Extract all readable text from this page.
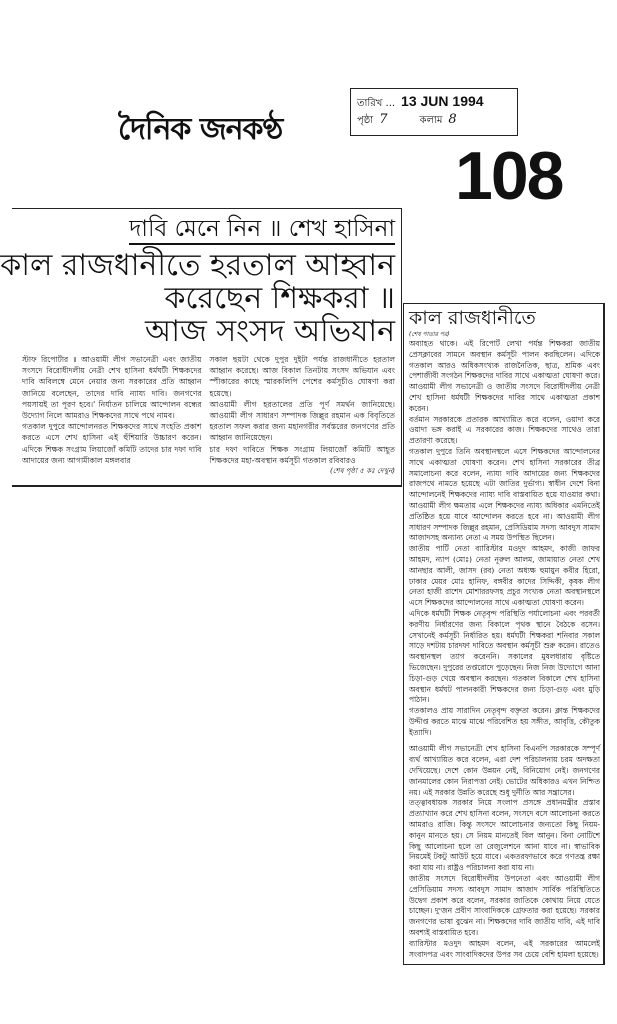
দৈনিক জনকণ্ঠ
তারিখ ... 13 JUN 1994
পৃষ্ঠা 7	কলাম 8
108
দাবি মেনে নিন ॥ শেখ হাসিনা
কাল রাজধানীতে হরতাল আহ্বান
করেছেন শিক্ষকরা ॥
আজ সংসদ অভিযান

স্টাফ রিপোর্টার ॥ আওয়ামী লীগ সভানেত্রী এবং জাতীয় সংসদে বিরোধীদলীয় নেত্রী শেখ হাসিনা ধর্মঘটী শিক্ষকদের দাবি অবিলম্বে মেনে নেয়ার জন্য সরকারের প্রতি আহ্বান জানিয়ে বলেছেন, তাদের দাবি ন্যায্য দাবি। জনগণের পয়সায়ই তা পূরণ হবে।' নির্যাতন চালিয়ে আন্দোলন বন্ধের উদ্যোগ নিলে আমরাও শিক্ষকদের সাথে পথে নামব।

গতকাল দুপুরে আন্দোলনরত শিক্ষকদের সাথে সংহতি প্রকাশ করতে এসে শেখ হাসিনা এই হুঁশিয়ারি উচ্চারণ করেন। এদিকে শিক্ষক সংগ্রাম লিয়াজোঁ কমিটি তাদের চার দফা দাবি আদায়ের জন্য আগামীকাল মঙ্গলবার

সকাল ছয়টা থেকে দুপুর দুইটা পর্যন্ত রাজধানীতে হরতাল আহ্বান করেছে। আজ বিকাল তিনটায় সংসদ অভিযান এবং স্পীকারের কাছে স্মারকলিপি পেশের কর্মসূচীও ঘোষণা করা হয়েছে।

আওয়ামী লীগ হরতালের প্রতি পূর্ণ সমর্থন জানিয়েছে। আওয়ামী লীগ সাধারণ সম্পাদক জিল্লুর রহমান এক বিবৃতিতে হরতাল সফল করার জন্য মহানগরীর সর্বস্তরের জনগণের প্রতি আহ্বান জানিয়েছেন।

চার দফা দাবিতে শিক্ষক সংগ্রাম লিয়াজোঁ কমিটি আহূত শিক্ষকদের মহা-অবস্থান কর্মসূচী গতকাল রবিবারও

(শেষ পৃষ্ঠা ৫ কঃ দেখুন)

কাল রাজধানীতে
(শেষ পাতার পর)

অব্যাহত থাকে। এই রিপোর্ট লেখা পর্যন্ত শিক্ষকরা জাতীয় প্রেসক্লাবের সামনে অবস্থান কর্মসূচী পালন করছিলেন। এদিকে গতকাল আরও অধিকসংখ্যক রাজনৈতিক, ছাত্র, শ্রমিক এবং পেশাজীবী সংগঠন শিক্ষকদের দাবির সাথে একাত্মতা ঘোষণা করে। আওয়ামী লীগ সভানেত্রী ও জাতীয় সংসদে বিরোধীদলীয় নেত্রী শেখ হাসিনা ধর্মঘটী শিক্ষকদের দাবির সাথে একাত্মতা প্রকাশ করেন।

বর্তমান সরকারকে প্রতারক আখ্যায়িত করে বলেন, ওয়াদা করে ওয়াদা ভঙ্গ করাই এ সরকারের কাজ। শিক্ষকদের সাথেও তারা প্রতারণা করেছে।

গতকাল দুপুরে তিনি অবস্থানস্থলে এসে শিক্ষকদের আন্দোলনের সাথে একাত্মতা ঘোষণা করেন। শেখ হাসিনা সরকারের তীব্র সমালোচনা করে বলেন, ন্যায্য দাবি আদায়ের জন্য শিক্ষকদের রাজপথে নামতে হয়েছে এটা জাতির দুর্ভাগ্য। স্বাধীন দেশে বিনা আন্দোলনেই শিক্ষকদের ন্যায্য দাবি বাস্তবায়িত হয়ে যাওয়ার কথা। আওয়ামী লীগ ক্ষমতায় এলে শিক্ষকদের ন্যায্য অধিকার এমনিতেই প্রতিষ্ঠিত হয়ে যাবে আন্দোলন করতে হবে না। আওয়ামী লীগ সাধারণ সম্পাদক জিল্লুর রহমান, প্রেসিডিয়াম সদস্য আবদুস সামাদ আজাদসহ অন্যান্য নেতা এ সময় উপস্থিত ছিলেন।

জাতীয় পার্টি নেতা ব্যারিস্টার মওদুদ আহমদ, কাজী জাফর আহমদ, ন্যাপ (মোঃ) নেতা নূরুল আলম, জামায়াত নেতা শেখ আনছার আলী, জাসদ (রব) নেতা অধ্যক্ষ হুমায়ুন কবীর হিরো, ঢাকার মেয়র মোঃ হানিফ, বঙ্গবীর কাদের সিদ্দিকী, কৃষক লীগ নেতা হাজী রাশেদ মোশাররফসহ প্রচুর সংখ্যক নেতা অবস্থানস্থলে এসে শিক্ষকদের আন্দোলনের সাথে একাত্মতা ঘোষণা করেন।

এদিকে ধর্মঘটী শিক্ষক নেতৃবৃন্দ পরিস্থিতি পর্যালোচনা এবং পরবর্তী করণীয় নির্ধারণের জন্য বিকালে পৃথক স্থানে বৈঠকে বসেন। সেখানেই কর্মসূচী নির্ধারিত হয়। ধর্মঘটী শিক্ষকরা শনিবার সকাল সাড়ে দশটায় চারদফা দাবিতে অবস্থান কর্মসূচী শুরু করেন। রাতেও অবস্থানস্থল ত্যাগ করেননি। সকালের মুষলধারায় বৃষ্টিতে ভিজেছেন। দুপুরের তপ্তরোদে পুড়েছেন। নিজ নিজ উদ্যোগে আনা চিড়া-গুড় খেয়ে অবস্থান করছেন। গতকাল বিকালে শেখ হাসিনা অবস্থান ধর্মঘট পালনকারী শিক্ষকদের জন্য চিড়া-গুড় এবং মুড়ি পাঠান।

গতকালও প্রায় সারাদিন নেতৃবৃন্দ বক্তৃতা করেন। ক্লান্ত শিক্ষকদের উদ্দীপ্ত করতে মাঝে মাঝে পরিবেশিত হয় সঙ্গীত, আবৃত্তি, কৌতুক ইত্যাদি।

আওয়ামী লীগ সভানেত্রী শেখ হাসিনা বিএনপি সরকারকে সম্পূর্ণ ব্যর্থ আখ্যায়িত করে বলেন, এরা দেশ পরিচালনায় চরম অদক্ষতা দেখিয়েছে। দেশে কোন উন্নয়ন নেই, বিনিয়োগ নেই। জনগণের জানমালের কোন নিরাপত্তা নেই। ভোটের অধিকারও এখন নিশ্চিত নয়। এই সরকার উন্নতি করেছে শুধু দুর্নীতি আর সন্ত্রাসের।

তত্ত্বাবধায়ক সরকার নিয়ে সংলাপ প্রসঙ্গে প্রধানমন্ত্রীর প্রস্তাব প্রত্যাখ্যান করে শেখ হাসিনা বলেন, সংসদে বসে আলোচনা করতে আমরাও রাজি। কিন্তু সংসদে আলোচনার জন্যতো কিছু নিয়ম-কানুন মানতে হয়। সে নিয়ম মানতেই বিল আনুন। বিনা নোটিশে কিছু আলোচনা হলে তা রেজুলেশনে আনা যাবে না। স্বাভাবিক নিয়মেই টকটু আউট হয়ে যাবে। একতরফাভাবে করে গণতন্ত্র রক্ষা করা যায় না। রাষ্ট্রও পরিচালনা করা যায় না।

জাতীয় সংসদে বিরোধীদলীয় উপনেতা এবং আওয়ামী লীগ প্রেসিডিয়াম সদস্য আবদুস সামাদ আজাদ সার্বিক পরিস্থিতিতে উদ্বেগ প্রকাশ করে বলেন, সরকার জাতিকে কোথায় নিয়ে যেতে চাচ্ছেন। দু'জন প্রবীণ সাংবাদিককে গ্রেফতার করা হয়েছে। সরকার জনগণের ভাষা বুঝেন না। শিক্ষকদের দাবি জাতীয় দাবি, এই দাবি অবশ্যই বাস্তবায়িত হবে।

ব্যারিস্টার মওদুদ আহমদ বলেন, এই সরকারের আমলেই সংবাদপত্র এবং সাংবাদিকদের উপর সব চেয়ে বেশি হামলা হয়েছে।
